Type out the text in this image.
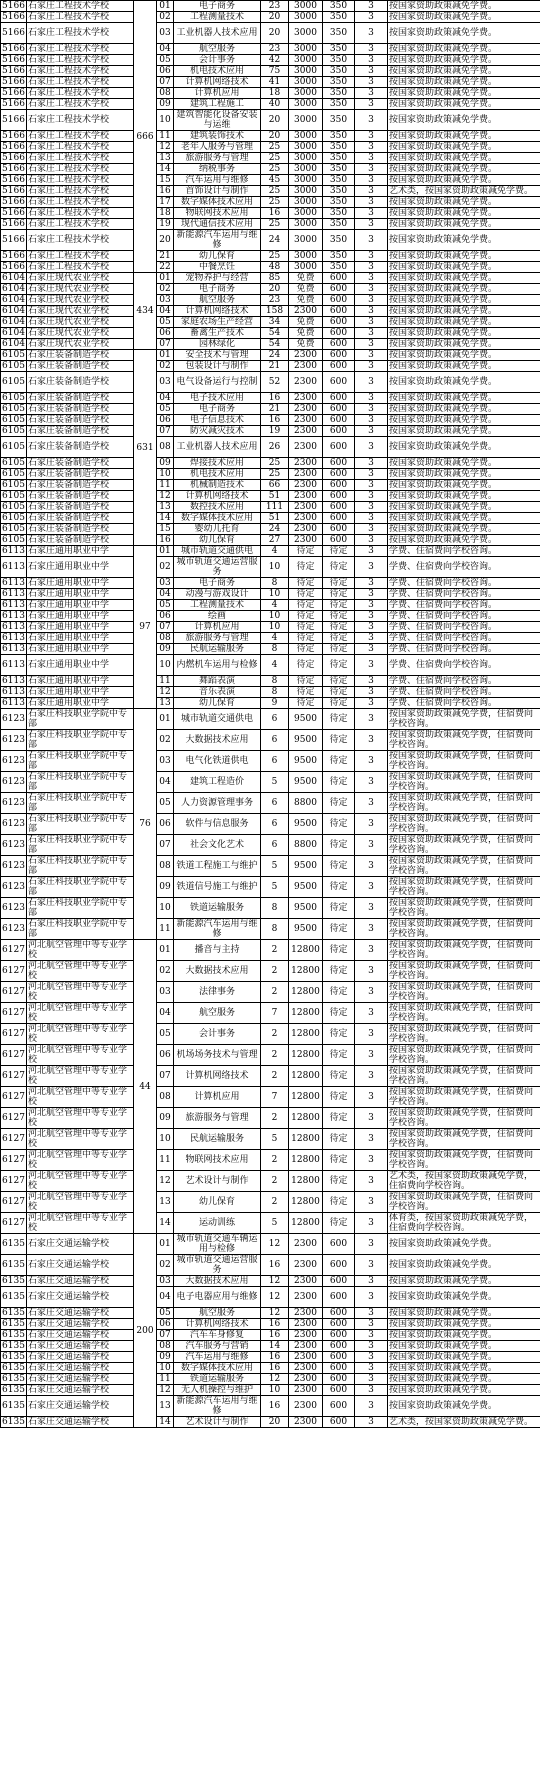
5166	石家庄工程技术学校	666	01	电子商务	23	3000	350	3	按国家资助政策减免学费。
5166	石家庄工程技术学校		02	工程测量技术	20	3000	350	3	按国家资助政策减免学费。
5166	石家庄工程技术学校		03	工业机器人技术应用	20	3000	350	3	按国家资助政策减免学费。
5166	石家庄工程技术学校		04	航空服务	23	3000	350	3	按国家资助政策减免学费。
5166	石家庄工程技术学校		05	会计事务	42	3000	350	3	按国家资助政策减免学费。
5166	石家庄工程技术学校		06	机电技术应用	75	3000	350	3	按国家资助政策减免学费。
5166	石家庄工程技术学校		07	计算机网络技术	41	3000	350	3	按国家资助政策减免学费。
5166	石家庄工程技术学校		08	计算机应用	18	3000	350	3	按国家资助政策减免学费。
5166	石家庄工程技术学校		09	建筑工程施工	40	3000	350	3	按国家资助政策减免学费。
5166	石家庄工程技术学校		10	建筑智能化设备安装与运维	20	3000	350	3	按国家资助政策减免学费。
5166	石家庄工程技术学校		11	建筑装饰技术	20	3000	350	3	按国家资助政策减免学费。
5166	石家庄工程技术学校		12	老年人服务与管理	25	3000	350	3	按国家资助政策减免学费。
5166	石家庄工程技术学校		13	旅游服务与管理	25	3000	350	3	按国家资助政策减免学费。
5166	石家庄工程技术学校		14	纳税事务	25	3000	350	3	按国家资助政策减免学费。
5166	石家庄工程技术学校		15	汽车运用与维修	45	3000	350	3	按国家资助政策减免学费。
5166	石家庄工程技术学校		16	首饰设计与制作	25	3000	350	3	艺术类，按国家资助政策减免学费。
5166	石家庄工程技术学校		17	数字媒体技术应用	25	3000	350	3	按国家资助政策减免学费。
5166	石家庄工程技术学校		18	物联网技术应用	16	3000	350	3	按国家资助政策减免学费。
5166	石家庄工程技术学校		19	现代通信技术应用	25	3000	350	3	按国家资助政策减免学费。
5166	石家庄工程技术学校		20	新能源汽车运用与维修	24	3000	350	3	按国家资助政策减免学费。
5166	石家庄工程技术学校		21	幼儿保育	25	3000	350	3	按国家资助政策减免学费。
5166	石家庄工程技术学校		22	中餐烹饪	48	3000	350	3	按国家资助政策减免学费。
6104	石家庄现代农业学校	434	01	宠物养护与经营	85	免费	600	3	按国家资助政策减免学费。
6104	石家庄现代农业学校		02	电子商务	20	免费	600	3	按国家资助政策减免学费。
6104	石家庄现代农业学校		03	航空服务	23	免费	600	3	按国家资助政策减免学费。
6104	石家庄现代农业学校		04	计算机网络技术	158	2300	600	3	按国家资助政策减免学费。
6104	石家庄现代农业学校		05	家庭农场生产经营	34	免费	600	3	按国家资助政策减免学费。
6104	石家庄现代农业学校		06	畜禽生产技术	54	免费	600	3	按国家资助政策减免学费。
6104	石家庄现代农业学校		07	园林绿化	54	免费	600	3	按国家资助政策减免学费。
6105	石家庄装备制造学校	631	01	安全技术与管理	24	2300	600	3	按国家资助政策减免学费。
6105	石家庄装备制造学校		02	包装设计与制作	21	2300	600	3	按国家资助政策减免学费。
6105	石家庄装备制造学校		03	电气设备运行与控制	52	2300	600	3	按国家资助政策减免学费。
6105	石家庄装备制造学校		04	电子技术应用	16	2300	600	3	按国家资助政策减免学费。
6105	石家庄装备制造学校		05	电子商务	21	2300	600	3	按国家资助政策减免学费。
6105	石家庄装备制造学校		06	电子信息技术	16	2300	600	3	按国家资助政策减免学费。
6105	石家庄装备制造学校		07	防灾减灾技术	19	2300	600	3	按国家资助政策减免学费。
6105	石家庄装备制造学校		08	工业机器人技术应用	26	2300	600	3	按国家资助政策减免学费。
6105	石家庄装备制造学校		09	焊接技术应用	25	2300	600	3	按国家资助政策减免学费。
6105	石家庄装备制造学校		10	机电技术应用	25	2300	600	3	按国家资助政策减免学费。
6105	石家庄装备制造学校		11	机械制造技术	66	2300	600	3	按国家资助政策减免学费。
6105	石家庄装备制造学校		12	计算机网络技术	51	2300	600	3	按国家资助政策减免学费。
6105	石家庄装备制造学校		13	数控技术应用	111	2300	600	3	按国家资助政策减免学费。
6105	石家庄装备制造学校		14	数字媒体技术应用	51	2300	600	3	按国家资助政策减免学费。
6105	石家庄装备制造学校		15	婴幼儿托育	24	2300	600	3	按国家资助政策减免学费。
6105	石家庄装备制造学校		16	幼儿保育	27	2300	600	3	按国家资助政策减免学费。
6113	石家庄通用职业中学	97	01	城市轨道交通供电	4	待定	待定	3	学费、住宿费向学校咨询。
6113	石家庄通用职业中学		02	城市轨道交通运营服务	10	待定	待定	3	学费、住宿费向学校咨询。
6113	石家庄通用职业中学		03	电子商务	8	待定	待定	3	学费、住宿费向学校咨询。
6113	石家庄通用职业中学		04	动漫与游戏设计	10	待定	待定	3	学费、住宿费向学校咨询。
6113	石家庄通用职业中学		05	工程测量技术	4	待定	待定	3	学费、住宿费向学校咨询。
6113	石家庄通用职业中学		06	绘画	10	待定	待定	3	学费、住宿费向学校咨询。
6113	石家庄通用职业中学		07	计算机应用	10	待定	待定	3	学费、住宿费向学校咨询。
6113	石家庄通用职业中学		08	旅游服务与管理	4	待定	待定	3	学费、住宿费向学校咨询。
6113	石家庄通用职业中学		09	民航运输服务	8	待定	待定	3	学费、住宿费向学校咨询。
6113	石家庄通用职业中学		10	内燃机车运用与检修	4	待定	待定	3	学费、住宿费向学校咨询。
6113	石家庄通用职业中学		11	舞蹈表演	8	待定	待定	3	学费、住宿费向学校咨询。
6113	石家庄通用职业中学		12	音乐表演	8	待定	待定	3	学费、住宿费向学校咨询。
6113	石家庄通用职业中学		13	幼儿保育	9	待定	待定	3	学费、住宿费向学校咨询。
6123	石家庄科技职业学院中专部	76	01	城市轨道交通供电	6	9500	待定	3	按国家资助政策减免学费，住宿费向学校咨询。
6123	石家庄科技职业学院中专部		02	大数据技术应用	6	9500	待定	3	按国家资助政策减免学费，住宿费向学校咨询。
6123	石家庄科技职业学院中专部		03	电气化铁道供电	6	9500	待定	3	按国家资助政策减免学费，住宿费向学校咨询。
6123	石家庄科技职业学院中专部		04	建筑工程造价	5	9500	待定	3	按国家资助政策减免学费，住宿费向学校咨询。
6123	石家庄科技职业学院中专部		05	人力资源管理事务	6	8800	待定	3	按国家资助政策减免学费，住宿费向学校咨询。
6123	石家庄科技职业学院中专部		06	软件与信息服务	6	9500	待定	3	按国家资助政策减免学费，住宿费向学校咨询。
6123	石家庄科技职业学院中专部		07	社会文化艺术	6	8800	待定	3	按国家资助政策减免学费，住宿费向学校咨询。
6123	石家庄科技职业学院中专部		08	铁道工程施工与维护	5	9500	待定	3	按国家资助政策减免学费，住宿费向学校咨询。
6123	石家庄科技职业学院中专部		09	铁道信号施工与维护	5	9500	待定	3	按国家资助政策减免学费，住宿费向学校咨询。
6123	石家庄科技职业学院中专部		10	铁道运输服务	8	9500	待定	3	按国家资助政策减免学费，住宿费向学校咨询。
6123	石家庄科技职业学院中专部		11	新能源汽车运用与维修	8	9500	待定	3	按国家资助政策减免学费，住宿费向学校咨询。
6127	河北航空管理中等专业学校	44	01	播音与主持	2	12800	待定	3	按国家资助政策减免学费，住宿费向学校咨询。
6127	河北航空管理中等专业学校		02	大数据技术应用	2	12800	待定	3	按国家资助政策减免学费，住宿费向学校咨询。
6127	河北航空管理中等专业学校		03	法律事务	2	12800	待定	3	按国家资助政策减免学费，住宿费向学校咨询。
6127	河北航空管理中等专业学校		04	航空服务	7	12800	待定	3	按国家资助政策减免学费，住宿费向学校咨询。
6127	河北航空管理中等专业学校		05	会计事务	2	12800	待定	3	按国家资助政策减免学费，住宿费向学校咨询。
6127	河北航空管理中等专业学校		06	机场场务技术与管理	2	12800	待定	3	按国家资助政策减免学费，住宿费向学校咨询。
6127	河北航空管理中等专业学校		07	计算机网络技术	2	12800	待定	3	按国家资助政策减免学费，住宿费向学校咨询。
6127	河北航空管理中等专业学校		08	计算机应用	7	12800	待定	3	按国家资助政策减免学费，住宿费向学校咨询。
6127	河北航空管理中等专业学校		09	旅游服务与管理	2	12800	待定	3	按国家资助政策减免学费，住宿费向学校咨询。
6127	河北航空管理中等专业学校		10	民航运输服务	5	12800	待定	3	按国家资助政策减免学费，住宿费向学校咨询。
6127	河北航空管理中等专业学校		11	物联网技术应用	2	12800	待定	3	按国家资助政策减免学费，住宿费向学校咨询。
6127	河北航空管理中等专业学校		12	艺术设计与制作	2	12800	待定	3	艺术类，按国家资助政策减免学费，住宿费向学校咨询。
6127	河北航空管理中等专业学校		13	幼儿保育	2	12800	待定	3	按国家资助政策减免学费，住宿费向学校咨询。
6127	河北航空管理中等专业学校		14	运动训练	5	12800	待定	3	体育类，按国家资助政策减免学费，住宿费向学校咨询。
6135	石家庄交通运输学校	200	01	城市轨道交通车辆运用与检修	12	2300	600	3	按国家资助政策减免学费。
6135	石家庄交通运输学校		02	城市轨道交通运营服务	16	2300	600	3	按国家资助政策减免学费。
6135	石家庄交通运输学校		03	大数据技术应用	12	2300	600	3	按国家资助政策减免学费。
6135	石家庄交通运输学校		04	电子电器应用与维修	12	2300	600	3	按国家资助政策减免学费。
6135	石家庄交通运输学校		05	航空服务	12	2300	600	3	按国家资助政策减免学费。
6135	石家庄交通运输学校		06	计算机网络技术	16	2300	600	3	按国家资助政策减免学费。
6135	石家庄交通运输学校		07	汽车车身修复	16	2300	600	3	按国家资助政策减免学费。
6135	石家庄交通运输学校		08	汽车服务与营销	14	2300	600	3	按国家资助政策减免学费。
6135	石家庄交通运输学校		09	汽车运用与维修	16	2300	600	3	按国家资助政策减免学费。
6135	石家庄交通运输学校		10	数字媒体技术应用	16	2300	600	3	按国家资助政策减免学费。
6135	石家庄交通运输学校		11	铁道运输服务	12	2300	600	3	按国家资助政策减免学费。
6135	石家庄交通运输学校		12	无人机操控与维护	10	2300	600	3	按国家资助政策减免学费。
6135	石家庄交通运输学校		13	新能源汽车运用与维修	16	2300	600	3	按国家资助政策减免学费。
6135	石家庄交通运输学校		14	艺术设计与制作	20	2300	600	3	艺术类，按国家资助政策减免学费。
